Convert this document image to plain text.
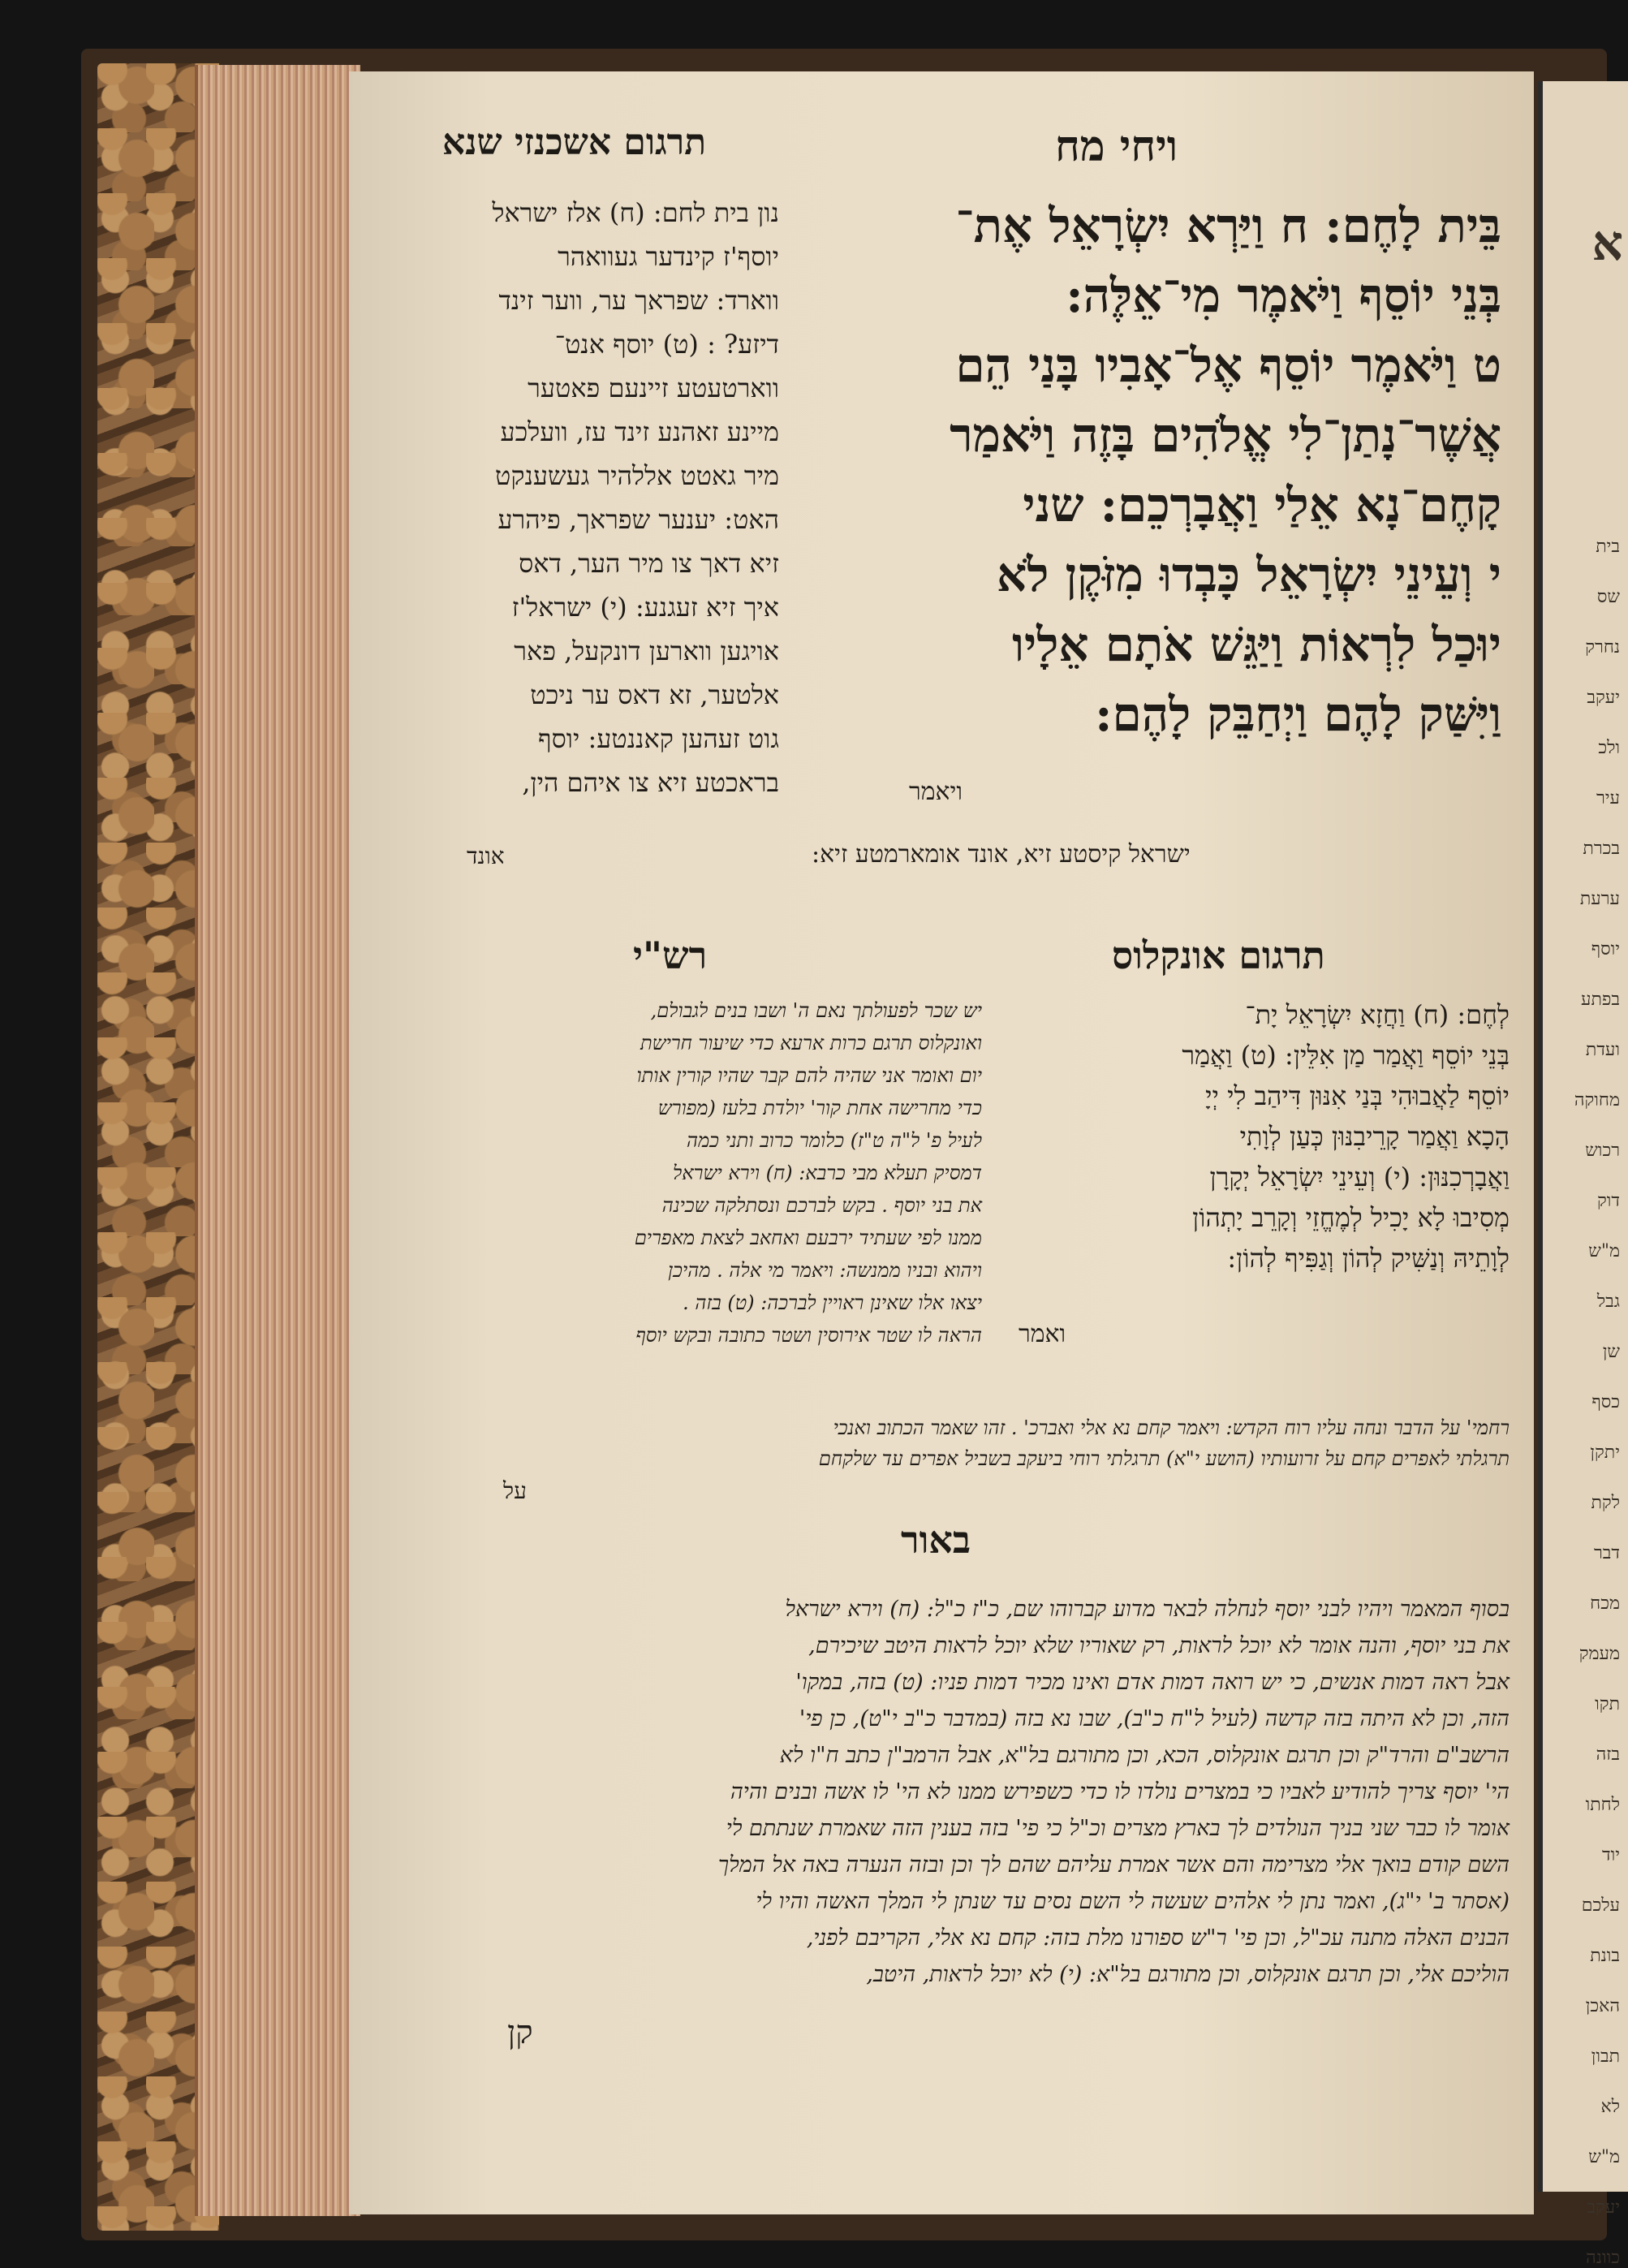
ויחי מח
תרגום אשכנזי שנא
בֵּית לָחֶם: ח וַיַּרְא יִשְׂרָאֵל אֶת־
בְּנֵי יוֹסֵף וַיֹּאמֶר מִי־אֵלֶּה:
ט וַיֹּאמֶר יוֹסֵף אֶל־אָבִיו בָּנַי הֵם
אֲשֶׁר־נָתַן־לִי אֱלֹהִים בָּזֶה וַיֹּאמַר
קָחֶם־נָא אֵלַי וַאֲבָרְכֵם: שני
י וְעֵינֵי יִשְׂרָאֵל כָּבְדוּ מִזֹּקֶן לֹא
יוּכַל לִרְאוֹת וַיַּגֵּשׁ אֹתָם אֵלָיו
וַיִּשַּׁק לָהֶם וַיְחַבֵּק לָהֶם:
ויאמר
נון בית לחם: (ח) אלז ישראל
יוסף'ז קינדער געוואהר
ווארד: שפראך ער, ווער זינד
דיזע? : (ט) יוסף אנט־
ווארטעטע זיינעם פאטער
מיינע זאהנע זינד עז, וועלכע
מיר גאטט אללהיר געשענקט
האט: יענער שפראך, פיהרע
זיא דאך צו מיר הער, דאס
איך זיא זעגנע: (י) ישראל'ז
אויגען ווארען דונקעל, פאר
אלטער, זא דאס ער ניכט
גוט זעהען קאננטע: יוסף
בראכטע זיא צו איהם הין,
אונד	ישראל קיסטע זיא, אונד אומארמטע זיא:
תרגום אונקלוס
רש"י
לְחֶם: (ח) וַחֲזָא יִשְׂרָאֵל יָת־
בְּנֵי יוֹסֵף וַאֲמַר מַן אִלֵּין: (ט) וַאֲמַר
יוֹסֵף לַאֲבוּהִי בְּנַי אִנּוּן דִּיהַב לִי יְיָ
הָכָא וַאֲמַר קָרֵיבִנּוּן כְּעַן לְוָתִי
וַאֲבָרְכִנּוּן: (י) וְעֵינֵי יִשְׂרָאֵל יְקָרָן
מְסִיבוּ לָא יָכִיל לְמֶחֱזֵי וְקָרֵב יָתְהוֹן
לְוָתֵיהּ וְנַשִּׁיק לְהוֹן וְגַפִּיף לְהוֹן:
ואמר
יש שכר לפעולתך נאם ה' ושבו בנים לגבולם,
ואונקלוס תרגם כרות ארעא כדי שיעור חרישת
יום ואומר אני שהיה להם קבר שהיו קורין אותו
כדי מחרישה אחת קור' יולדת בלעז (מפורש
לעיל פ' ל"ה ט"ז) כלומר כרוב ותני כמה
דמסיק תעלא מבי כרבא: (ח) וירא ישראל
את בני יוסף . בקש לברכם ונסתלקה שכינה
ממנו לפי שעתיד ירבעם ואחאב לצאת מאפרים
ויהוא ובניו ממנשה: ויאמר מי אלה . מהיכן
יצאו אלו שאינן ראויין לברכה: (ט) בזה .
הראה לו שטר אירוסין ושטר כתובה ובקש יוסף
רחמי' על הדבר ונחה עליו רוח הקדש: ויאמר קחם נא אלי ואברכ' . זהו שאמר הכתוב ואנכי
תרגלתי לאפרים קחם על זרועותיו (הושע י"א) תרגלתי רוחי ביעקב בשביל אפרים עד שלקחם
על
באור
בסוף המאמר ויהיו לבני יוסף לנחלה לבאר מדוע קברוהו שם, כ"ז כ"ל: (ח) וירא ישראל
את בני יוסף, והנה אומר לא יוכל לראות, רק שאוריו שלא יוכל לראות היטב שיכירם,
אבל ראה דמות אנשים, כי יש רואה דמות אדם ואינו מכיר דמות פניו: (ט) בזה, במקו'
הזה, וכן לא היתה בזה קדשה (לעיל ל"ח כ"ב), שבו נא בזה (במדבר כ"ב י"ט), כן פי'
הרשב"ם והרד"ק וכן תרגם אונקלוס, הכא, וכן מתורגם בל"א, אבל הרמב"ן כתב ח"ו לא
הי' יוסף צריך להודיע לאביו כי במצרים נולדו לו כדי כשפירש ממנו לא הי' לו אשה ובנים והיה
אומר לו כבר שני בניך הנולדים לך בארץ מצרים וכ"ל כי פי' בזה בענין הזה שאמרת שנתתם לי
השם קודם בואך אלי מצרימה והם אשר אמרת עליהם שהם לך וכן ובזה הנערה באה אל המלך
(אסתר ב' י"ג), ואמר נתן לי אלהים שעשה לי השם נסים עד שנתן לי המלך האשה והיו לי
הבנים האלה מתנה עכ"ל, וכן פי' ר"ש ספורנו מלת בזה: קחם נא אלי, הקריבם לפני,
הוליכם אלי, וכן תרגם אונקלוס, וכן מתורגם בל"א: (י) לא יוכל לראות, היטב,
קן
א
בית
שס
נחרק
יעקב
ולכ
עיר
בכרת
ערעת
יוסף
בפתע
ועדת
מחוקה
רכוש
דוק
מ"ש
גבל
שן
כסף
יתקן
לקת
דבר
מכח
מעמק
תקו
בזה
לחתו
יוד
עלכם
בונת
האכן
תבון
לא
מ"ש
יעקב
כוונה
